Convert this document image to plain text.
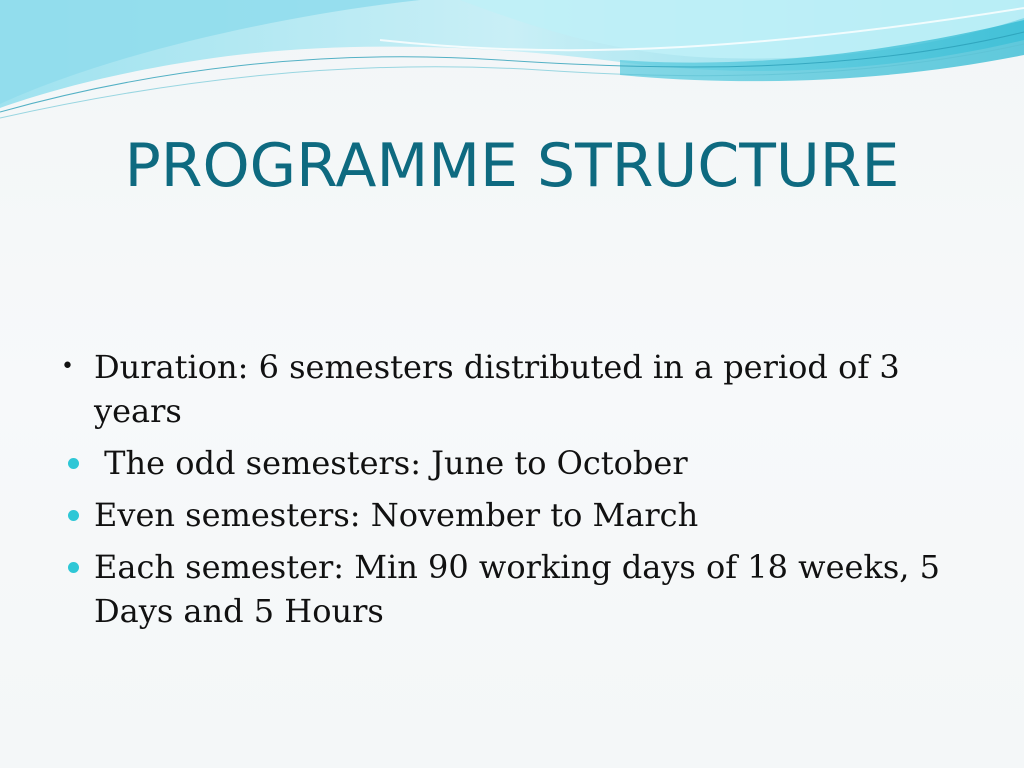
PROGRAMME STRUCTURE
• Duration: 6 semesters distributed in a period of 3 years
The odd semesters: June to October
Even semesters: November to March
Each semester: Min 90 working days of 18 weeks, 5 Days and 5 Hours
